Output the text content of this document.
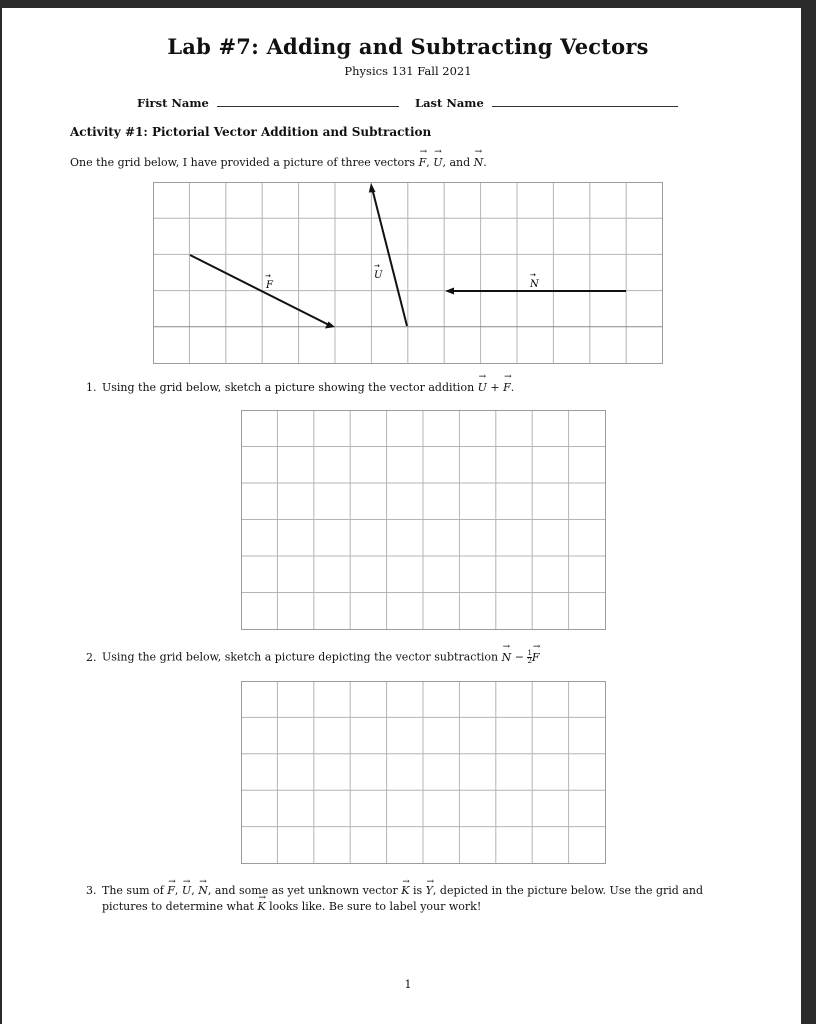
Lab #7: Adding and Subtracting Vectors
Physics 131 Fall 2021
First Name	Last Name
Activity #1: Pictorial Vector Addition and Subtraction
One the grid below, I have provided a picture of three vectors → F, → U, and → N.
F
→	U
→
N
→
1. Using the grid below, sketch a picture showing the vector addition → U + → F.
2. Using the grid below, sketch a picture depicting the vector subtraction → $N - \frac{1}{2}$
→ F
3. The sum of → F, → U, → N, and some as yet unknown vector → K is → Y, depicted in the picture below. Use the grid and
pictures to determine what → K looks like. Be sure to label your work!
1
